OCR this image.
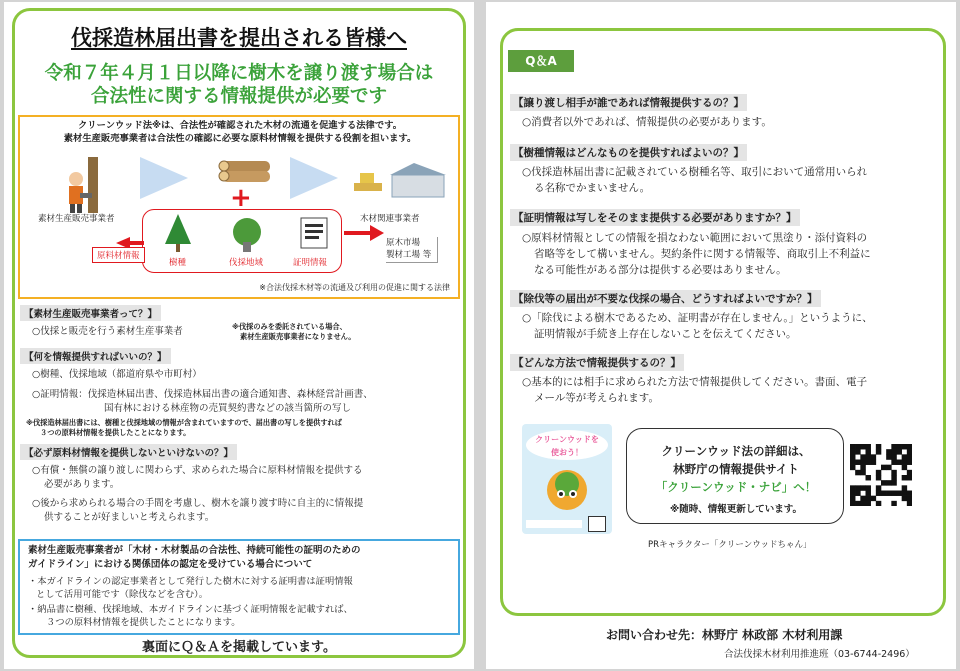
伐採造林届出書を提出される皆様へ
令和７年４月１日以降に樹木を譲り渡す場合は
合法性に関する情報提供が必要です
クリーンウッド法※は、合法性が確認された木材の流通を促進する法律です。
素材生産販売事業者は合法性の確認に必要な原料材情報を提供する役割を担います。
+
素材生産販売事業者	木材関連事業者
樹種	伐採地域	証明情報
原料材情報
原木市場
製材工場 等
※合法伐採木材等の流通及び利用の促進に関する法律
【素材生産販売事業者って？】
○伐採と販売を行う素材生産事業者	※伐採のみを委託されている場合、
素材生産販売事業者になりません。
【何を情報提供すればいいの？】
○樹種、伐採地域（都道府県や市町村）
○証明情報：伐採造林届出書、伐採造林届出書の適合通知書、森林経営計画書、
国有林における林産物の売買契約書などの該当箇所の写し
※伐採造林届出書には、樹種と伐採地域の情報が含まれていますので、届出書の写しを提供すれば
３つの原料材情報を提供したことになります。
【必ず原料材情報を提供しないといけないの？】
○有償・無償の譲り渡しに関わらず、求められた場合に原料材情報を提供する
必要があります。
○後から求められる場合の手間を考慮し、樹木を譲り渡す時に自主的に情報提
供することが好ましいと考えられます。
素材生産販売事業者が「木材・木材製品の合法性、持続可能性の証明のための
ガイドライン」における関係団体の認定を受けている場合について
・本ガイドラインの認定事業者として発行した樹木に対する証明書は証明情報
として活用可能です（除伐などを含む）。
・納品書に樹種、伐採地域、本ガイドラインに基づく証明情報を記載すれば、
３つの原料材情報を提供したことになります。
裏面にＱ＆Ａを掲載しています。
Q＆A
【譲り渡し相手が誰であれば情報提供するの？】
○消費者以外であれば、情報提供の必要があります。
【樹種情報はどんなものを提供すればよいの？】
○伐採造林届出書に記載されている樹種名等、取引において通常用いられ
る名称でかまいません。
【証明情報は写しをそのまま提供する必要がありますか？】
○原料材情報としての情報を損なわない範囲において黒塗り・添付資料の
省略等をして構いません。契約条件に関する情報等、商取引上不利益に
なる可能性がある部分は提供する必要はありません。
【除伐等の届出が不要な伐採の場合、どうすればよいですか？】
○「除伐による樹木であるため、証明書が存在しません。」というように、
証明情報が手続き上存在しないことを伝えてください。
【どんな方法で情報提供するの？】
○基本的には相手に求められた方法で情報提供してください。書面、電子
メール等が考えられます。
クリーンウッドを
使おう！	クリーンウッド法の詳細は、
林野庁の情報提供サイト
「クリーンウッド・ナビ」へ！
※随時、情報更新しています。
PRキャラクター「クリーンウッドちゃん」
お問い合わせ先：林野庁 林政部 木材利用課
合法伐採木材利用推進班（03-6744-2496）
